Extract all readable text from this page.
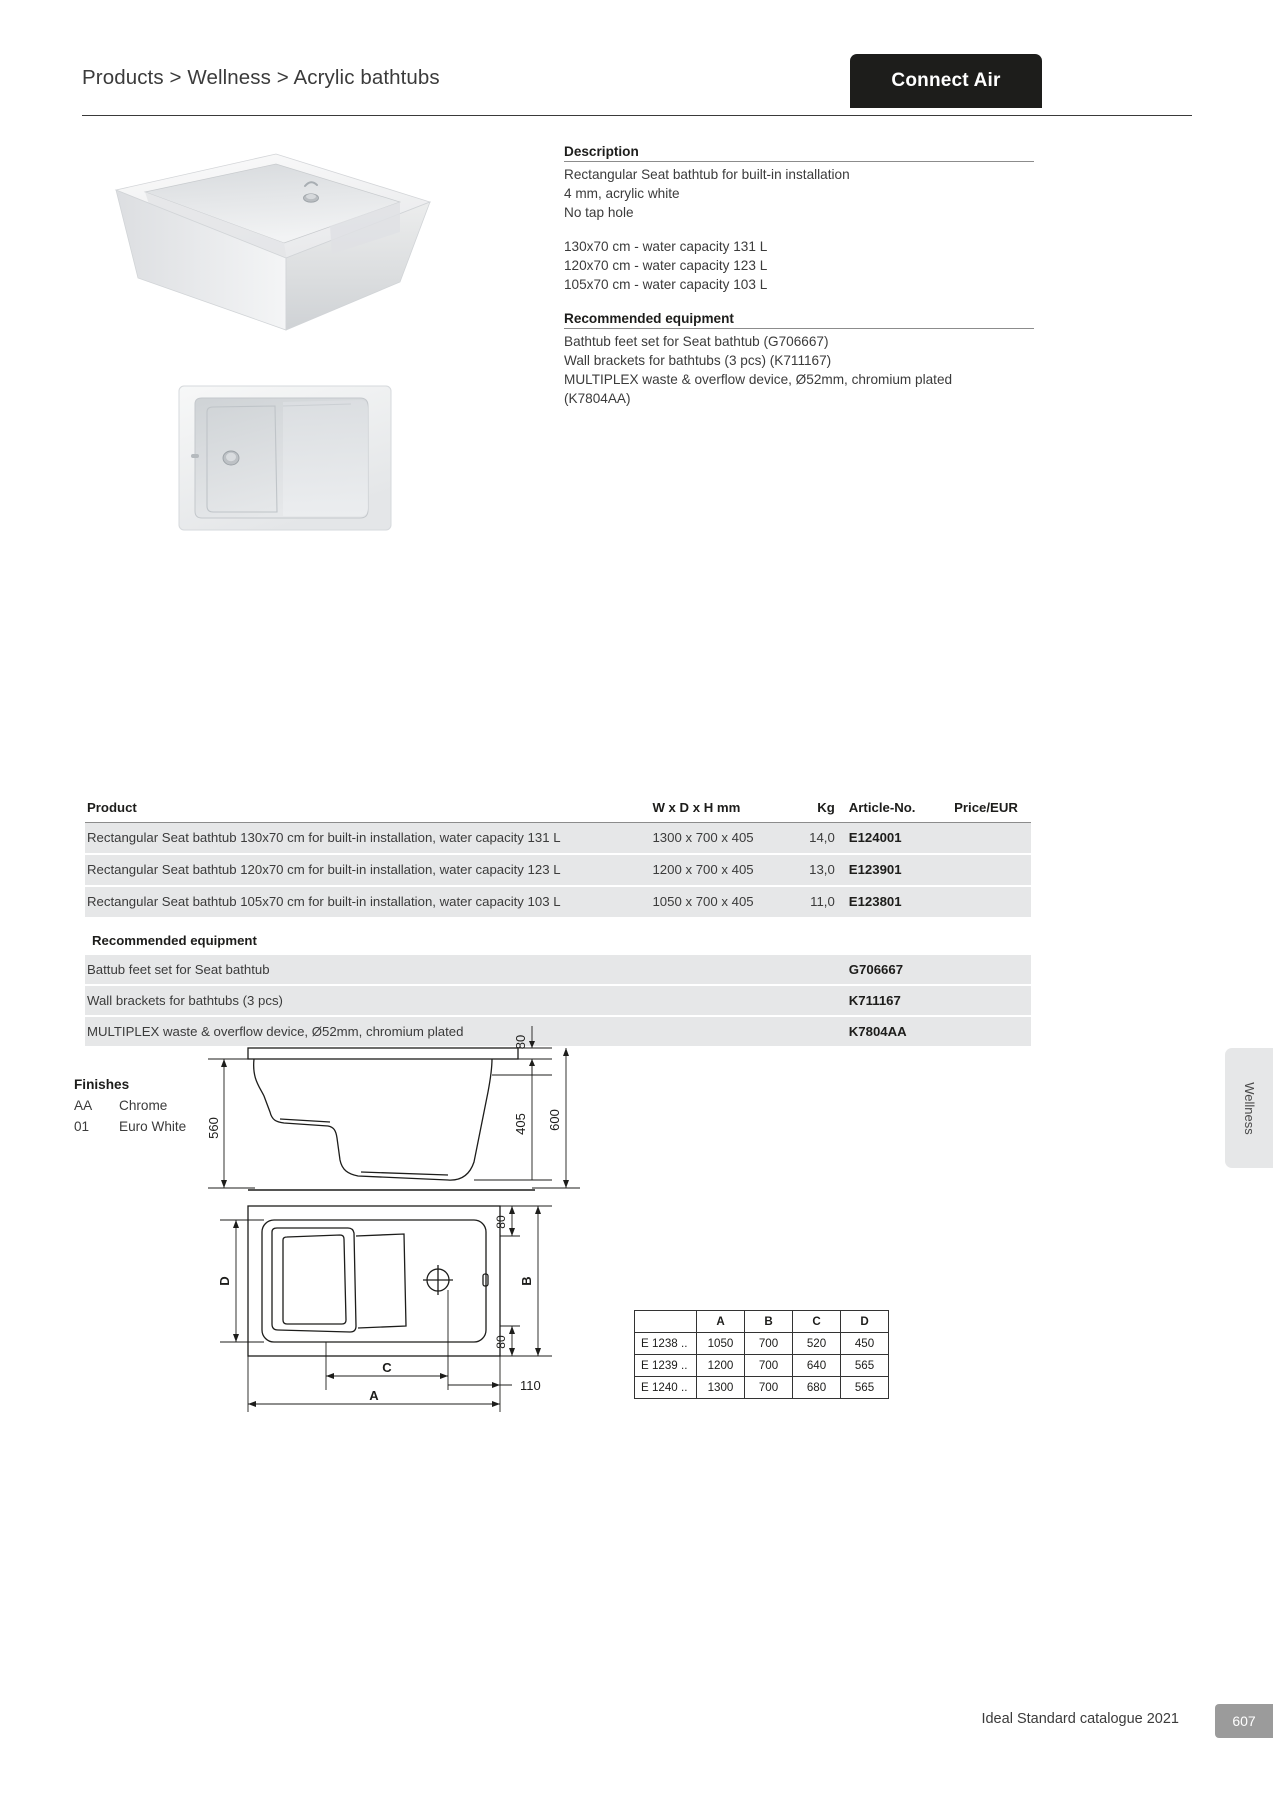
Products > Wellness > Acrylic bathtubs	Connect Air
Description
Rectangular Seat bathtub for built-in installation
4 mm, acrylic white
No tap hole
130x70 cm - water capacity 131 L
120x70 cm - water capacity 123 L
105x70 cm - water capacity 103 L
Recommended equipment
Bathtub feet set for Seat bathtub (G706667)
Wall brackets for bathtubs (3 pcs) (K711167)
MULTIPLEX waste & overflow device, Ø52mm, chromium plated
(K7804AA)
Product	W x D x H mm	Kg	Article-No.	Price/EUR
Rectangular Seat bathtub 130x70 cm for built-in installation, water capacity 131 L	1300 x 700 x 405	14,0	E124001	
Rectangular Seat bathtub 120x70 cm for built-in installation, water capacity 123 L	1200 x 700 x 405	13,0	E123901	
Rectangular Seat bathtub 105x70 cm for built-in installation, water capacity 103 L	1050 x 700 x 405	11,0	E123801	
Recommended equipment				
Battub feet set for Seat bathtub			G706667	
Wall brackets for bathtubs (3 pcs)			K711167	
MULTIPLEX waste & overflow device, Ø52mm, chromium plated			K7804AA	
Finishes
AA Chrome
01 Euro White	560
80
405 600
D	B
80
80
C
110
A
	A	B	C	D
E 1238 ..	1050	700	520	450
E 1239 ..	1200	700	640	565
E 1240 ..	1300	700	680	565
Wellness
Ideal Standard catalogue 2021	607
